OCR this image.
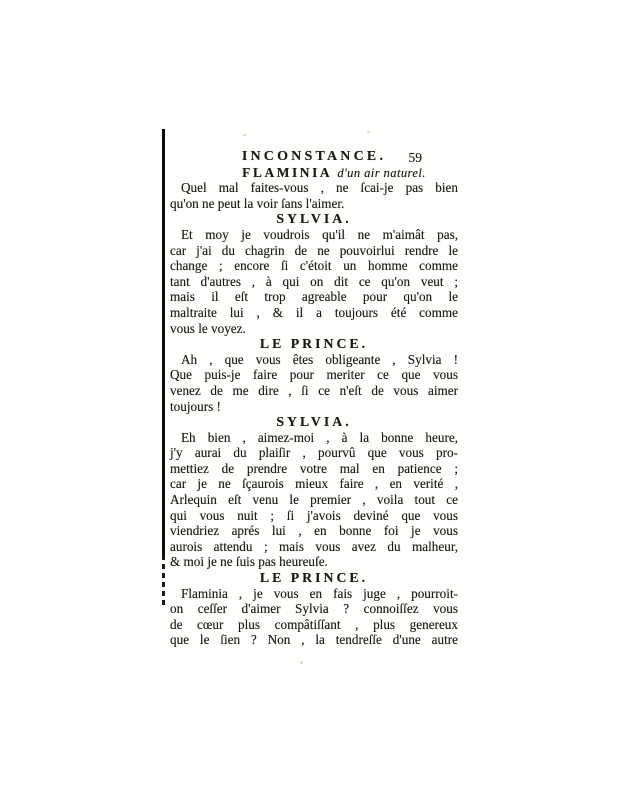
INCONSTANCE. 59
FLAMINIA d'un air naturel.
Quel mal faites-vous , ne ſcai-je pas bien
qu'on ne peut la voir ſans l'aimer.
SYLVIA.
Et moy je voudrois qu'il ne m'aimât pas,
car j'ai du chagrin de ne pouvoirlui rendre le
change ; encore ſi c'étoit un homme comme
tant d'autres , à qui on dit ce qu'on veut ;
mais il eſt trop agreable pour qu'on le
maltraite lui , & il a toujours été comme
vous le voyez.
LE PRINCE.
Ah , que vous êtes obligeante , Sylvia !
Que puis-je faire pour meriter ce que vous
venez de me dire , ſi ce n'eſt de vous aimer
toujours !
SYLVIA.
Eh bien , aimez-moi , à la bonne heure,
j'y aurai du plaiſir , pourvû que vous pro-
mettiez de prendre votre mal en patience ;
car je ne ſçaurois mieux faire , en verité ,
Arlequin eſt venu le premier , voila tout ce
qui vous nuit ; ſi j'avois deviné que vous
viendriez aprés lui , en bonne foi je vous
aurois attendu ; mais vous avez du malheur,
& moi je ne ſuis pas heureuſe.
LE PRINCE.
Flaminia , je vous en fais juge , pourroit-
on ceſſer d'aimer Sylvia ? connoiſſez vous
de cœur plus compâtiſſant , plus genereux
que le ſien ? Non , la tendreſſe d'une autre
